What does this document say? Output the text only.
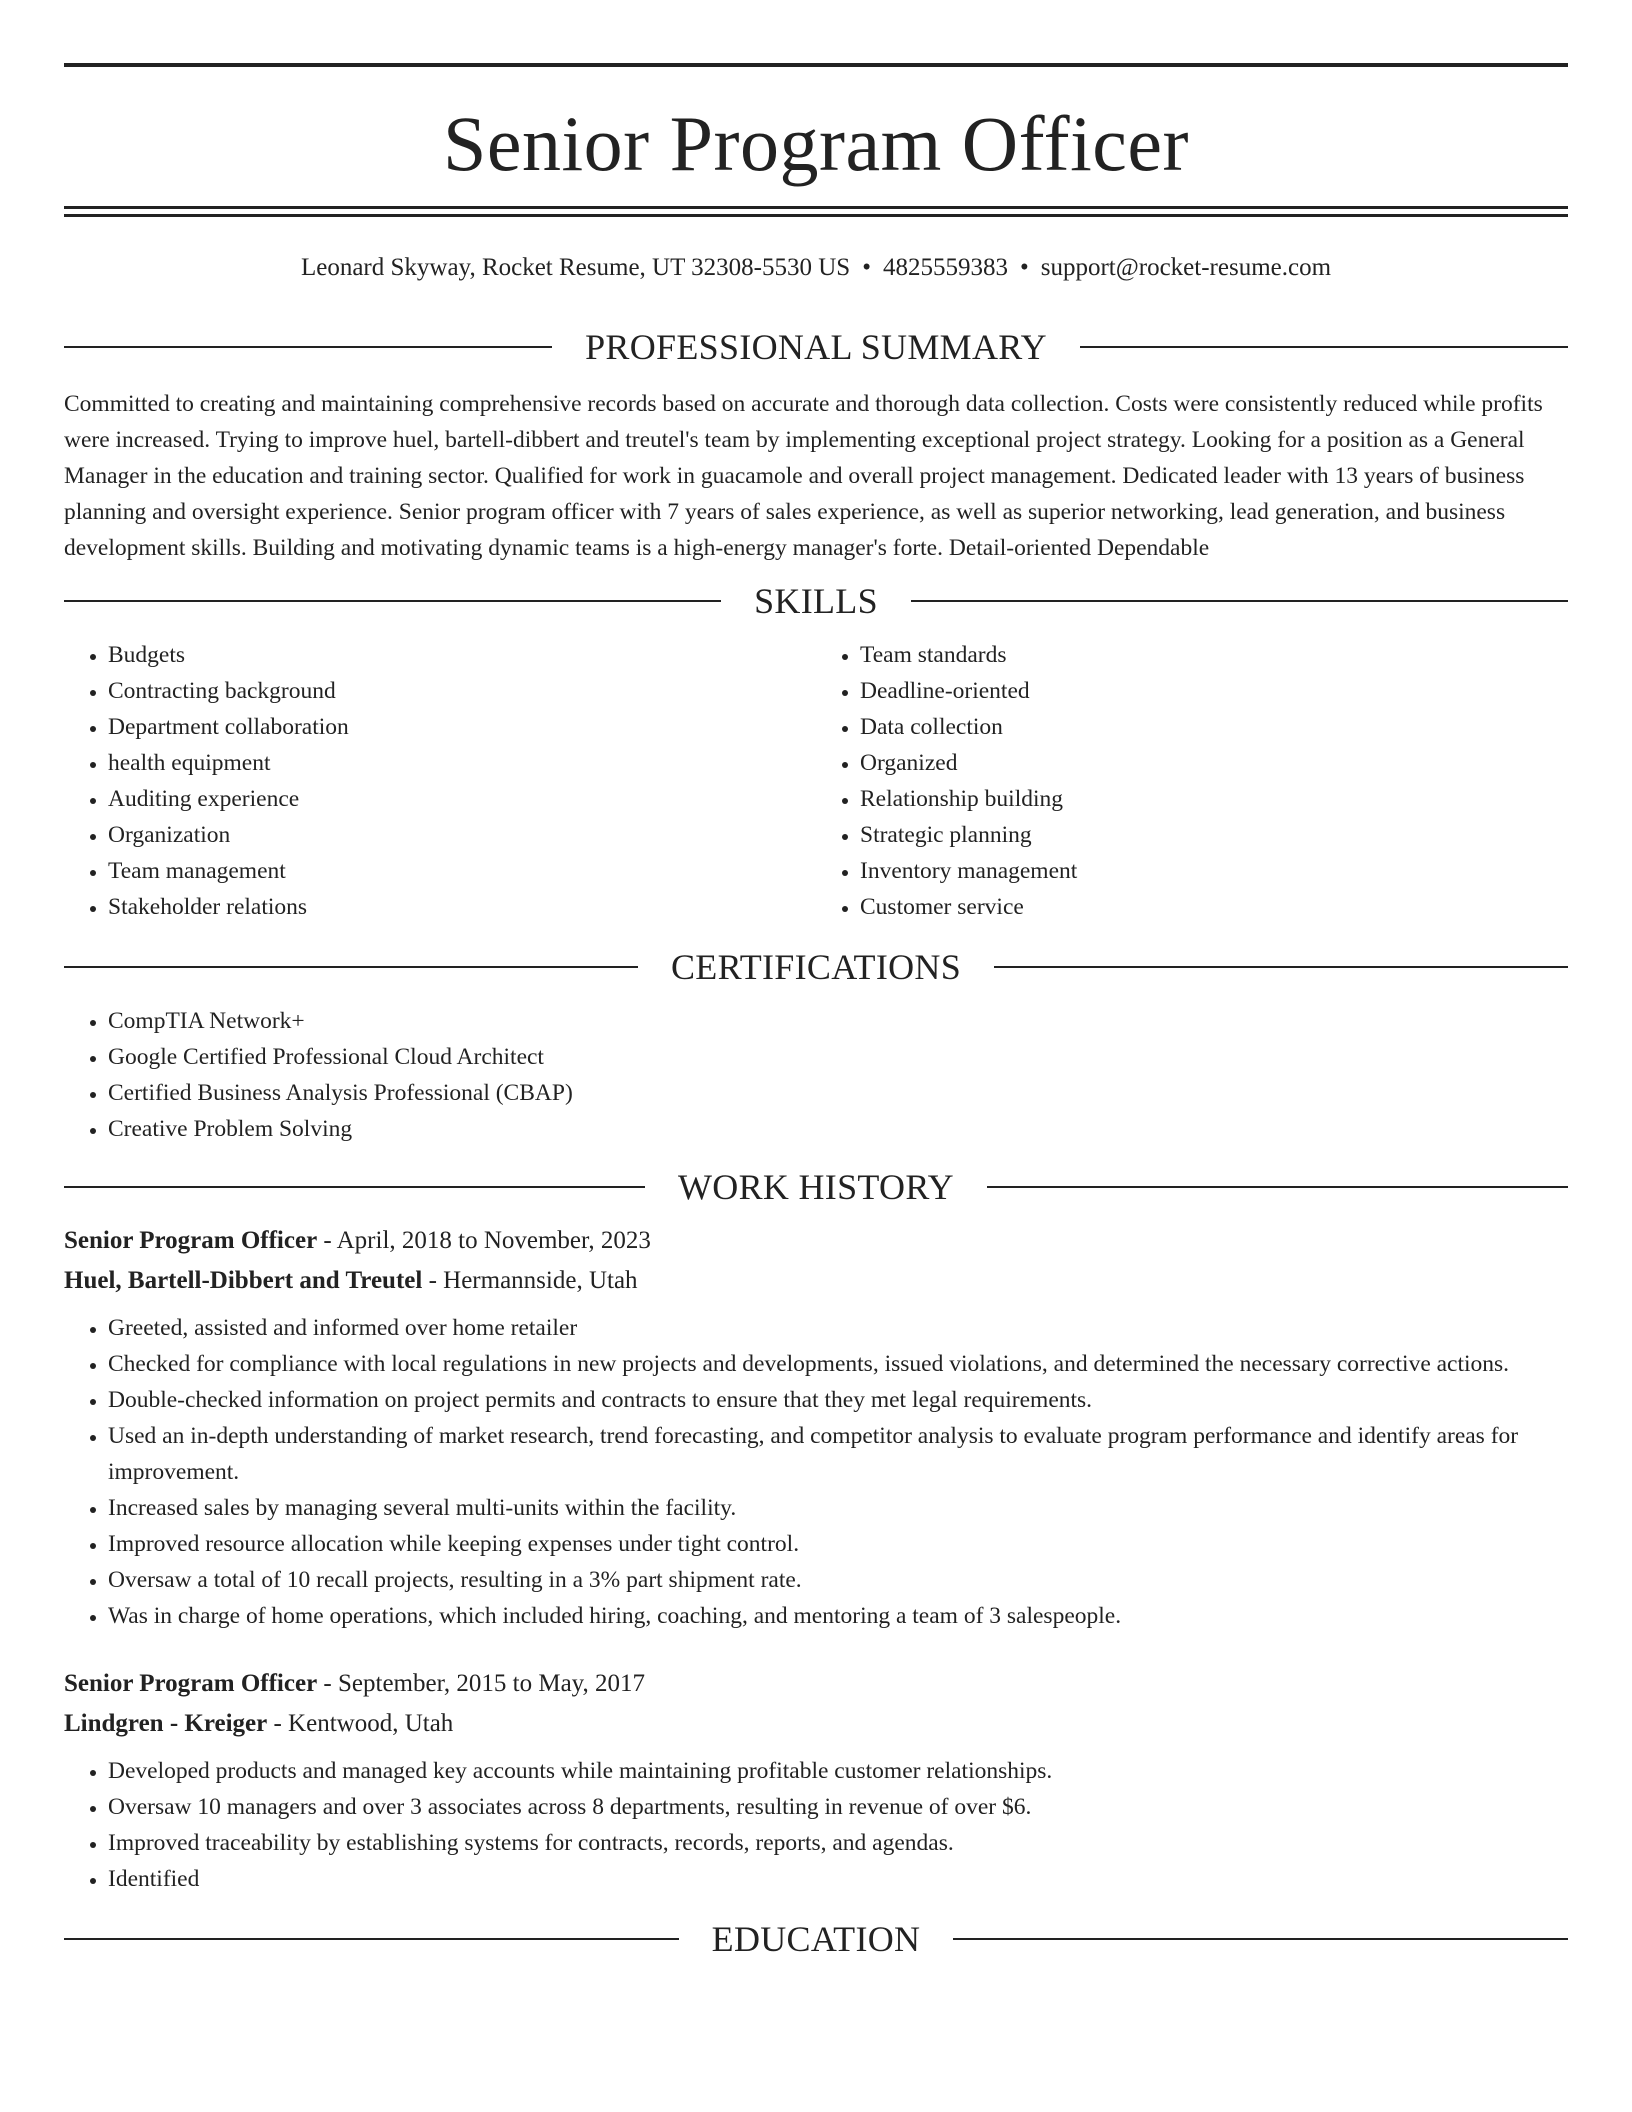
Senior Program Officer
Leonard Skyway, Rocket Resume, UT 32308-5530 US • 4825559383 • support@rocket-resume.com
PROFESSIONAL SUMMARY
Committed to creating and maintaining comprehensive records based on accurate and thorough data collection. Costs were consistently reduced while profits were increased. Trying to improve huel, bartell-dibbert and treutel's team by implementing exceptional project strategy. Looking for a position as a General Manager in the education and training sector. Qualified for work in guacamole and overall project management. Dedicated leader with 13 years of business planning and oversight experience. Senior program officer with 7 years of sales experience, as well as superior networking, lead generation, and business development skills. Building and motivating dynamic teams is a high-energy manager's forte. Detail-oriented Dependable
SKILLS
• Budgets
• Contracting background
• Department collaboration
• health equipment
• Auditing experience
• Organization
• Team management
• Stakeholder relations
• Team standards
• Deadline-oriented
• Data collection
• Organized
• Relationship building
• Strategic planning
• Inventory management
• Customer service
CERTIFICATIONS
• CompTIA Network+
• Google Certified Professional Cloud Architect
• Certified Business Analysis Professional (CBAP)
• Creative Problem Solving
WORK HISTORY
Senior Program Officer - April, 2018 to November, 2023
Huel, Bartell-Dibbert and Treutel - Hermannside, Utah
• Greeted, assisted and informed over home retailer
• Checked for compliance with local regulations in new projects and developments, issued violations, and determined the necessary corrective actions.
• Double-checked information on project permits and contracts to ensure that they met legal requirements.
• Used an in-depth understanding of market research, trend forecasting, and competitor analysis to evaluate program performance and identify areas for improvement.
• Increased sales by managing several multi-units within the facility.
• Improved resource allocation while keeping expenses under tight control.
• Oversaw a total of 10 recall projects, resulting in a 3% part shipment rate.
• Was in charge of home operations, which included hiring, coaching, and mentoring a team of 3 salespeople.
Senior Program Officer - September, 2015 to May, 2017
Lindgren - Kreiger - Kentwood, Utah
• Developed products and managed key accounts while maintaining profitable customer relationships.
• Oversaw 10 managers and over 3 associates across 8 departments, resulting in revenue of over $6.
• Improved traceability by establishing systems for contracts, records, reports, and agendas.
• Identified
EDUCATION
